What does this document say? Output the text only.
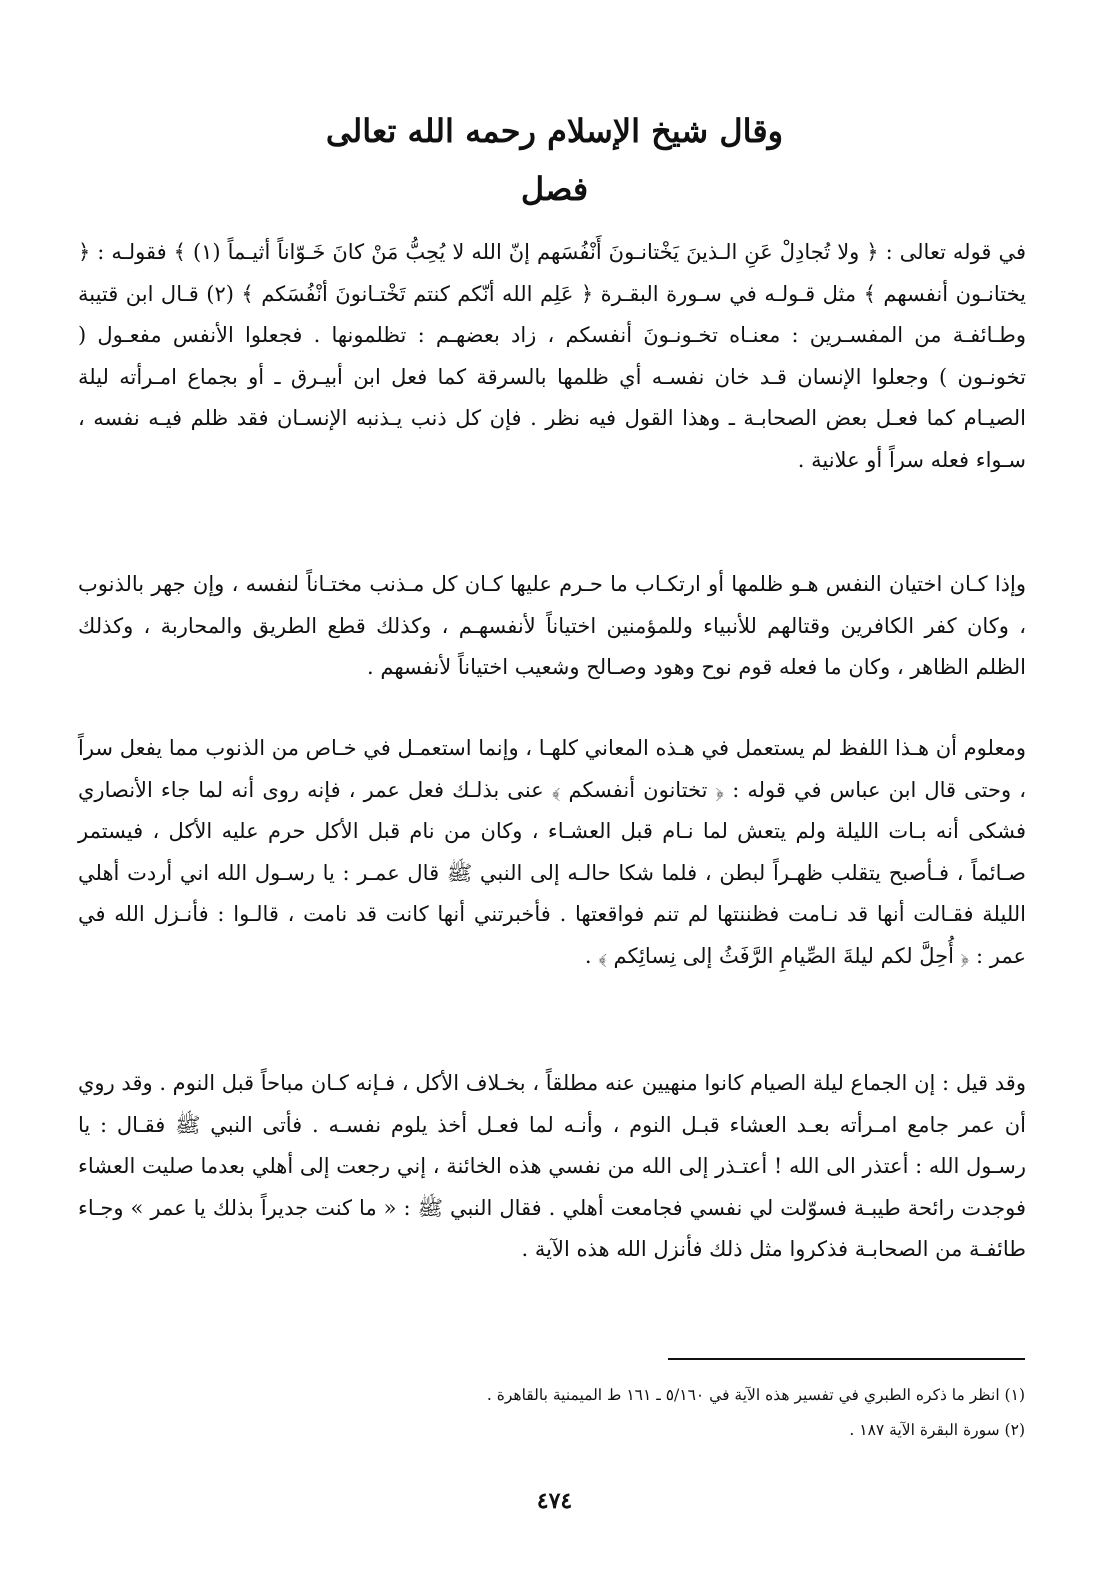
وقال شيخ الإسلام رحمه الله تعالى
فصل

في قوله تعالى : ﴿ ولا تُجادِلْ عَنِ الـذينَ يَخْتانـونَ أَنْفُسَهم إنّ الله لا يُحِبُّ مَنْ كانَ خَـوّاناً أثيـماً (١) ﴾ فقولـه : ﴿ يختانـون أنفسهم ﴾ مثل قـولـه في سـورة البقـرة ﴿ عَلِم الله أنّكم كنتم تَخْتـانونَ أنْفُسَكم ﴾ (٢) قـال ابن قتيبة وطـائفـة من المفسـرين : معنـاه تخـونـونَ أنفسكم ، زاد بعضهـم : تظلمونها . فجعلوا الأنفس مفعـول ( تخونـون ) وجعلوا الإنسان قـد خان نفسـه أي ظلمها بالسرقة كما فعل ابن أبيـرق ـ أو بجماع امـرأته ليلة الصيـام كما فعـل بعض الصحابـة ـ وهذا القول فيه نظر . فإن كل ذنب يـذنبه الإنسـان فقد ظلم فيـه نفسه ، سـواء فعله سراً أو علانية .

وإذا كـان اختيان النفس هـو ظلمها أو ارتكـاب ما حـرم عليها كـان كل مـذنب مختـاناً لنفسه ، وإن جهر بالذنوب ، وكان كفر الكافرين وقتالهم للأنبياء وللمؤمنين اختياناً لأنفسهـم ، وكذلك قطع الطريق والمحاربة ، وكذلك الظلم الظاهر ، وكان ما فعله قوم نوح وهود وصـالح وشعيب اختياناً لأنفسهم .

ومعلوم أن هـذا اللفظ لم يستعمل في هـذه المعاني كلهـا ، وإنما استعمـل في خـاص من الذنوب مما يفعل سراً ، وحتى قال ابن عباس في قوله : ﴿ تختانون أنفسكم ﴾ عنى بذلـك فعل عمر ، فإنه روى أنه لما جاء الأنصاري فشكى أنه بـات الليلة ولم يتعش لما نـام قبل العشـاء ، وكان من نام قبل الأكل حرم عليه الأكل ، فيستمر صـائماً ، فـأصبح يتقلب ظهـراً لبطن ، فلما شكا حالـه إلى النبي ﷺ قال عمـر : يا رسـول الله اني أردت أهلي الليلة فقـالت أنها قد نـامت فظننتها لم تنم فواقعتها . فأخبرتني أنها كانت قد نامت ، قالـوا : فأنـزل الله في عمر : ﴿ أُحِلَّ لكم ليلةَ الصِّيامِ الرَّفَثُ إلى نِسائِكم ﴾ .

وقد قيل : إن الجماع ليلة الصيام كانوا منهيين عنه مطلقاً ، بخـلاف الأكل ، فـإنه كـان مباحاً قبل النوم . وقد روي أن عمر جامع امـرأته بعـد العشاء قبـل النوم ، وأنـه لما فعـل أخذ يلوم نفسـه . فأتى النبي ﷺ فقـال : يا رسـول الله : أعتذر الى الله ! أعتـذر إلى الله من نفسي هذه الخائنة ، إني رجعت إلى أهلي بعدما صليت العشاء فوجدت رائحة طيبـة فسوّلت لي نفسي فجامعت أهلي . فقال النبي ﷺ : « ما كنت جديراً بذلك يا عمر » وجـاء طائفـة من الصحابـة فذكروا مثل ذلك فأنزل الله هذه الآية .

(١) انظر ما ذكره الطبري في تفسير هذه الآية في ٥/١٦٠ ـ ١٦١ ط الميمنية بالقاهرة .
(٢) سورة البقرة الآية ١٨٧ .
٤٧٤
